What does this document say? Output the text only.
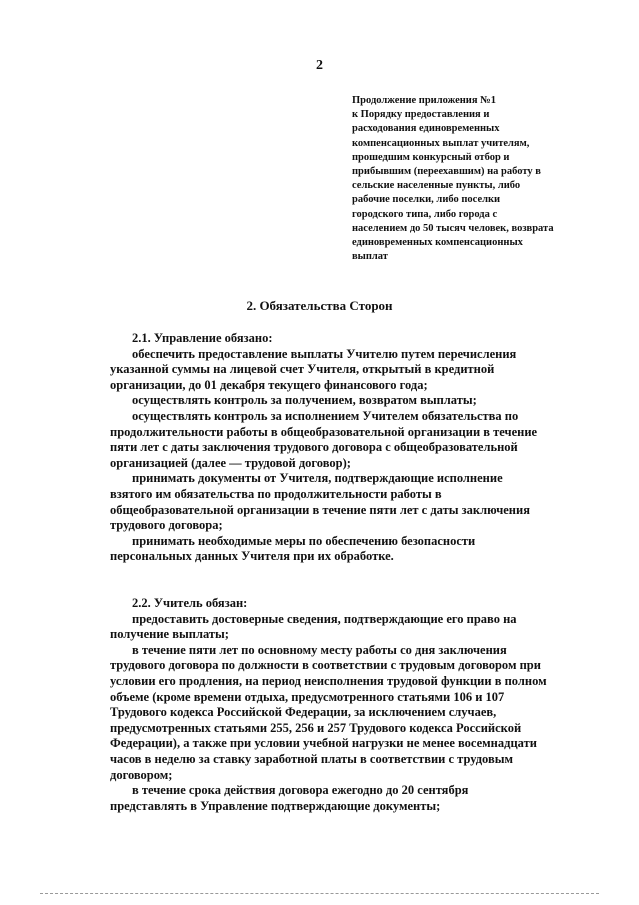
2
Продолжение приложения №1
к Порядку предоставления и
расходования единовременных
компенсационных выплат учителям,
прошедшим конкурсный отбор и
прибывшим (переехавшим) на работу в
сельские населенные пункты, либо
рабочие поселки, либо поселки
городского типа, либо города с
населением до 50 тысяч человек, возврата
единовременных компенсационных
выплат
2. Обязательства Сторон
2.1. Управление обязано:
обеспечить предоставление выплаты Учителю путем перечисления
указанной суммы на лицевой счет Учителя, открытый в кредитной
организации, до 01 декабря текущего финансового года;
осуществлять контроль за получением, возвратом выплаты;
осуществлять контроль за исполнением Учителем обязательства по
продолжительности работы в общеобразовательной организации в течение
пяти лет с даты заключения трудового договора с общеобразовательной
организацией (далее — трудовой договор);
принимать документы от Учителя, подтверждающие исполнение
взятого им обязательства по продолжительности работы в
общеобразовательной организации в течение пяти лет с даты заключения
трудового договора;
принимать необходимые меры по обеспечению безопасности
персональных данных Учителя при их обработке.
2.2. Учитель обязан:
предоставить достоверные сведения, подтверждающие его право на
получение выплаты;
в течение пяти лет по основному месту работы со дня заключения
трудового договора по должности в соответствии с трудовым договором при
условии его продления, на период неисполнения трудовой функции в полном
объеме (кроме времени отдыха, предусмотренного статьями 106 и 107
Трудового кодекса Российской Федерации, за исключением случаев,
предусмотренных статьями 255, 256 и 257 Трудового кодекса Российской
Федерации), а также при условии учебной нагрузки не менее восемнадцати
часов в неделю за ставку заработной платы в соответствии с трудовым
договором;
в течение срока действия договора ежегодно до 20 сентября
представлять в Управление подтверждающие документы;
